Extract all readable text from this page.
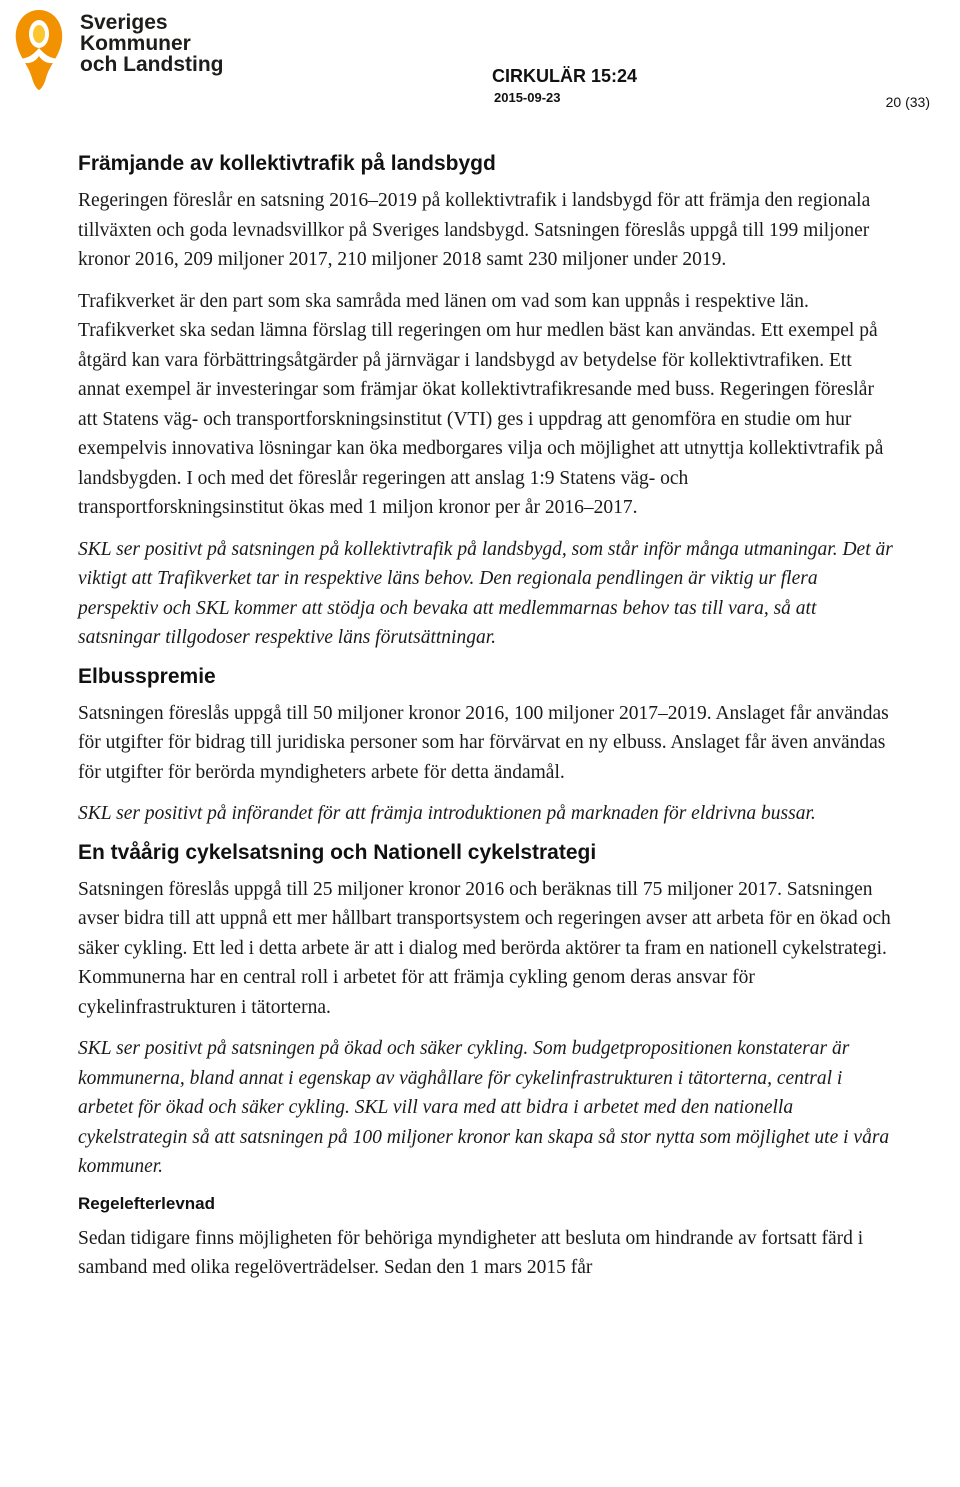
Sveriges
Kommuner
och Landsting	CIRKULÄR 15:24
2015-09-23	20 (33)
Främjande av kollektivtrafik på landsbygd

Regeringen föreslår en satsning 2016–2019 på kollektivtrafik i landsbygd för att främja den regionala tillväxten och goda levnadsvillkor på Sveriges landsbygd. Satsningen föreslås uppgå till 199 miljoner kronor 2016, 209 miljoner 2017, 210 miljoner 2018 samt 230 miljoner under 2019.

Trafikverket är den part som ska samråda med länen om vad som kan uppnås i respektive län. Trafikverket ska sedan lämna förslag till regeringen om hur medlen bäst kan användas. Ett exempel på åtgärd kan vara förbättringsåtgärder på järnvägar i landsbygd av betydelse för kollektivtrafiken. Ett annat exempel är investeringar som främjar ökat kollektivtrafikresande med buss. Regeringen föreslår att Statens väg- och transportforskningsinstitut (VTI) ges i uppdrag att genomföra en studie om hur exempelvis innovativa lösningar kan öka medborgares vilja och möjlighet att utnyttja kollektivtrafik på landsbygden. I och med det föreslår regeringen att anslag 1:9 Statens väg- och transportforskningsinstitut ökas med 1 miljon kronor per år 2016–2017.

SKL ser positivt på satsningen på kollektivtrafik på landsbygd, som står inför många utmaningar. Det är viktigt att Trafikverket tar in respektive läns behov. Den regionala pendlingen är viktig ur flera perspektiv och SKL kommer att stödja och bevaka att medlemmarnas behov tas till vara, så att satsningar tillgodoser respektive läns förutsättningar.

Elbusspremie

Satsningen föreslås uppgå till 50 miljoner kronor 2016, 100 miljoner 2017–2019. Anslaget får användas för utgifter för bidrag till juridiska personer som har förvärvat en ny elbuss. Anslaget får även användas för utgifter för berörda myndigheters arbete för detta ändamål.

SKL ser positivt på införandet för att främja introduktionen på marknaden för eldrivna bussar.

En tvåårig cykelsatsning och Nationell cykelstrategi

Satsningen föreslås uppgå till 25 miljoner kronor 2016 och beräknas till 75 miljoner 2017. Satsningen avser bidra till att uppnå ett mer hållbart transportsystem och regeringen avser att arbeta för en ökad och säker cykling. Ett led i detta arbete är att i dialog med berörda aktörer ta fram en nationell cykelstrategi. Kommunerna har en central roll i arbetet för att främja cykling genom deras ansvar för cykelinfrastrukturen i tätorterna.

SKL ser positivt på satsningen på ökad och säker cykling. Som budgetpropositionen konstaterar är kommunerna, bland annat i egenskap av väghållare för cykelinfrastrukturen i tätorterna, central i arbetet för ökad och säker cykling. SKL vill vara med att bidra i arbetet med den nationella cykelstrategin så att satsningen på 100 miljoner kronor kan skapa så stor nytta som möjlighet ute i våra kommuner.

Regelefterlevnad

Sedan tidigare finns möjligheten för behöriga myndigheter att besluta om hindrande av fortsatt färd i samband med olika regelöverträdelser. Sedan den 1 mars 2015 får
